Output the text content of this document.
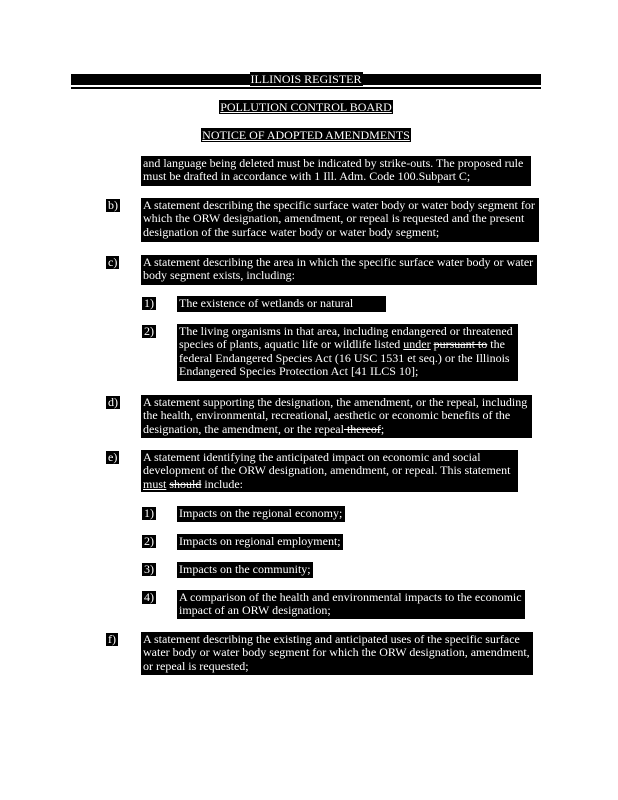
ILLINOIS REGISTER
POLLUTION CONTROL BOARD
NOTICE OF ADOPTED AMENDMENTS
and language being deleted must be indicated by strike-outs. The proposed rule must be drafted in accordance with 1 Ill. Adm. Code 100.Subpart C;
b) A statement describing the specific surface water body or water body segment for which the ORW designation, amendment, or repeal is requested and the present designation of the surface water body or water body segment;
c) A statement describing the area in which the specific surface water body or water body segment exists, including:
1) The existence of wetlands or natural areas;
2) The living organisms in that area, including endangered or threatened species of plants, aquatic life or wildlife listed under pursuant to the federal Endangered Species Act (16 USC 1531 et seq.) or the Illinois Endangered Species Protection Act [41 ILCS 10];
d) A statement supporting the designation, the amendment, or the repeal, including the health, environmental, recreational, aesthetic or economic benefits of the designation, the amendment, or the repeal thereof;
e) A statement identifying the anticipated impact on economic and social development of the ORW designation, amendment, or repeal. This statement must should include:
1) Impacts on the regional economy;
2) Impacts on regional employment;
3) Impacts on the community;
4) A comparison of the health and environmental impacts to the economic impact of an ORW designation;
f) A statement describing the existing and anticipated uses of the specific surface water body or water body segment for which the ORW designation, amendment, or repeal is requested;
